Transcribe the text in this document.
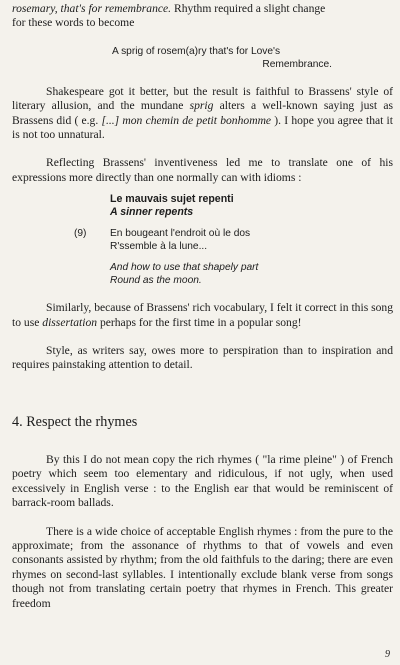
rosemary, that's for remembrance. Rhythm required a slight change
for these words to become

A sprig of rosem(a)ry that's for Love's

Remembrance.

Shakespeare got it better, but the result is faithful to Brassens' style of literary allusion, and the mundane sprig alters a well-known saying just as Brassens did ( e.g. [...] mon chemin de petit bonhomme ). I hope you agree that it is not too unnatural.

Reflecting Brassens' inventiveness led me to translate one of his expressions more directly than one normally can with idioms :

Le mauvais sujet repenti
A sinner repents
(9)	En bougeant l'endroit où le dos
R'ssemble à la lune...
And how to use that shapely part
Round as the moon.

Similarly, because of Brassens' rich vocabulary, I felt it correct in this song to use dissertation perhaps for the first time in a popular song!

Style, as writers say, owes more to perspiration than to inspiration and requires painstaking attention to detail.

4. Respect the rhymes

By this I do not mean copy the rich rhymes ( "la rime pleine" ) of French poetry which seem too elementary and ridiculous, if not ugly, when used excessively in English verse : to the English ear that would be reminiscent of barrack-room ballads.

There is a wide choice of acceptable English rhymes : from the pure to the approximate; from the assonance of rhythms to that of vowels and even consonants assisted by rhythm; from the old faithfuls to the daring; there are even rhymes on second-last syllables. I intentionally exclude blank verse from songs though not from translating certain poetry that rhymes in French. This greater freedom

9
